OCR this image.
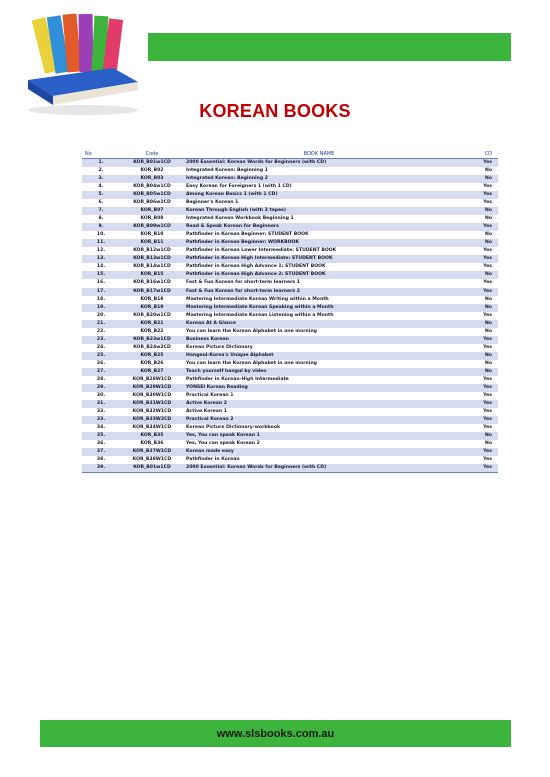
KOREAN BOOKS
No	Code	BOOK NAME	CD
1.	KOR_B01w1CD	2000 Essential: Korean Words for Beginners (with CD)	Yes
2.	KOR_B02	Integrated Korean: Beginning 1	No
3.	KOR_B03	Integrated Korean: Beginning 2	No
4.	KOR_B04w1CD	Easy Korean for Foreigners 1 (with 1 CD)	Yes
5.	KOR_B05w1CD	Among Korean Basics 1 (with 1 CD)	Yes
6.	KOR_B06w2CD	Beginner's Korean 1	Yes
7.	KOR_B07	Korean Through English (with 3 tapes)	No
8.	KOR_B08	Integrated Korean Workbook Beginning 1	No
9.	KOR_B09w1CD	Read & Speak Korean for Beginners	Yes
10.	KOR_B10	Pathfinder in Korean Beginner: STUDENT BOOK	No
11.	KOR_B11	Pathfinder in Korean Beginner: WORKBOOK	No
12.	KOR_B12w1CD	Pathfinder in Korean Lower Intermediate: STUDENT BOOK	Yes
13.	KOR_B13w1CD	Pathfinder in Korean High Intermediate: STUDENT BOOK	Yes
14.	KOR_B14w1CD	Pathfinder in Korean High Advance 1: STUDENT BOOK	Yes
15.	KOR_B15	Pathfinder in Korean High Advance 2: STUDENT BOOK	No
16.	KOR_B16w1CD	Fast & Fun Korean for short-term learners 1	Yes
17.	KOR_B17w1CD	Fast & Fun Korean for short-term learners 2	Yes
18.	KOR_B18	Mastering Intermediate Korean Writing within a Month	No
19.	KOR_B19	Mastering Intermediate Korean Speaking within a Month	No
20.	KOR_B20w1CD	Mastering Intermediate Korean Listening within a Month	Yes
21.	KOR_B21	Korean At A Glance	No
22.	KOR_B22	You can learn the Korean Alphabet in one morning	No
23.	KOR_B23w1CD	Business Korean	Yes
24.	KOR_B24w2CD	Korean Picture Dictionary	Yes
25.	KOR_B25	Hangeul-Korea's Unique Alphabet	No
26.	KOR_B26	You can learn the Korean Alphabet in one morning	No
27.	KOR_B27	Teach yourself hangul by video	No
28.	KOR_B28W1CD	Pathfinder in Korean-High Intermediate	Yes
29.	KOR_B29W1CD	YONSEI Korean Reading	Yes
30.	KOR_B30W1CD	Practical Korean 1	Yes
31.	KOR_B31W1CD	Active Korean 2	Yes
32.	KOR_B32W1CD	Active Korean 1	Yes
33.	KOR_B33W2CD	Practical Korean 2	Yes
34.	KOR_B34W1CD	Korean Picture Dictionary-workbook	Yes
35.	KOR_B35	Yes, You can speak Korean 1	No
36.	KOR_B36	Yes, You can speak Korean 2	No
37.	KOR_B37W1CD	Korean made easy	Yes
38.	KOR_B38W1CD	Pathfinder in Korean	Yes
39.	KOR_B01w1CD	2000 Essential: Korean Words for Beginners (with CD)	Yes
www.slsbooks.com.au
